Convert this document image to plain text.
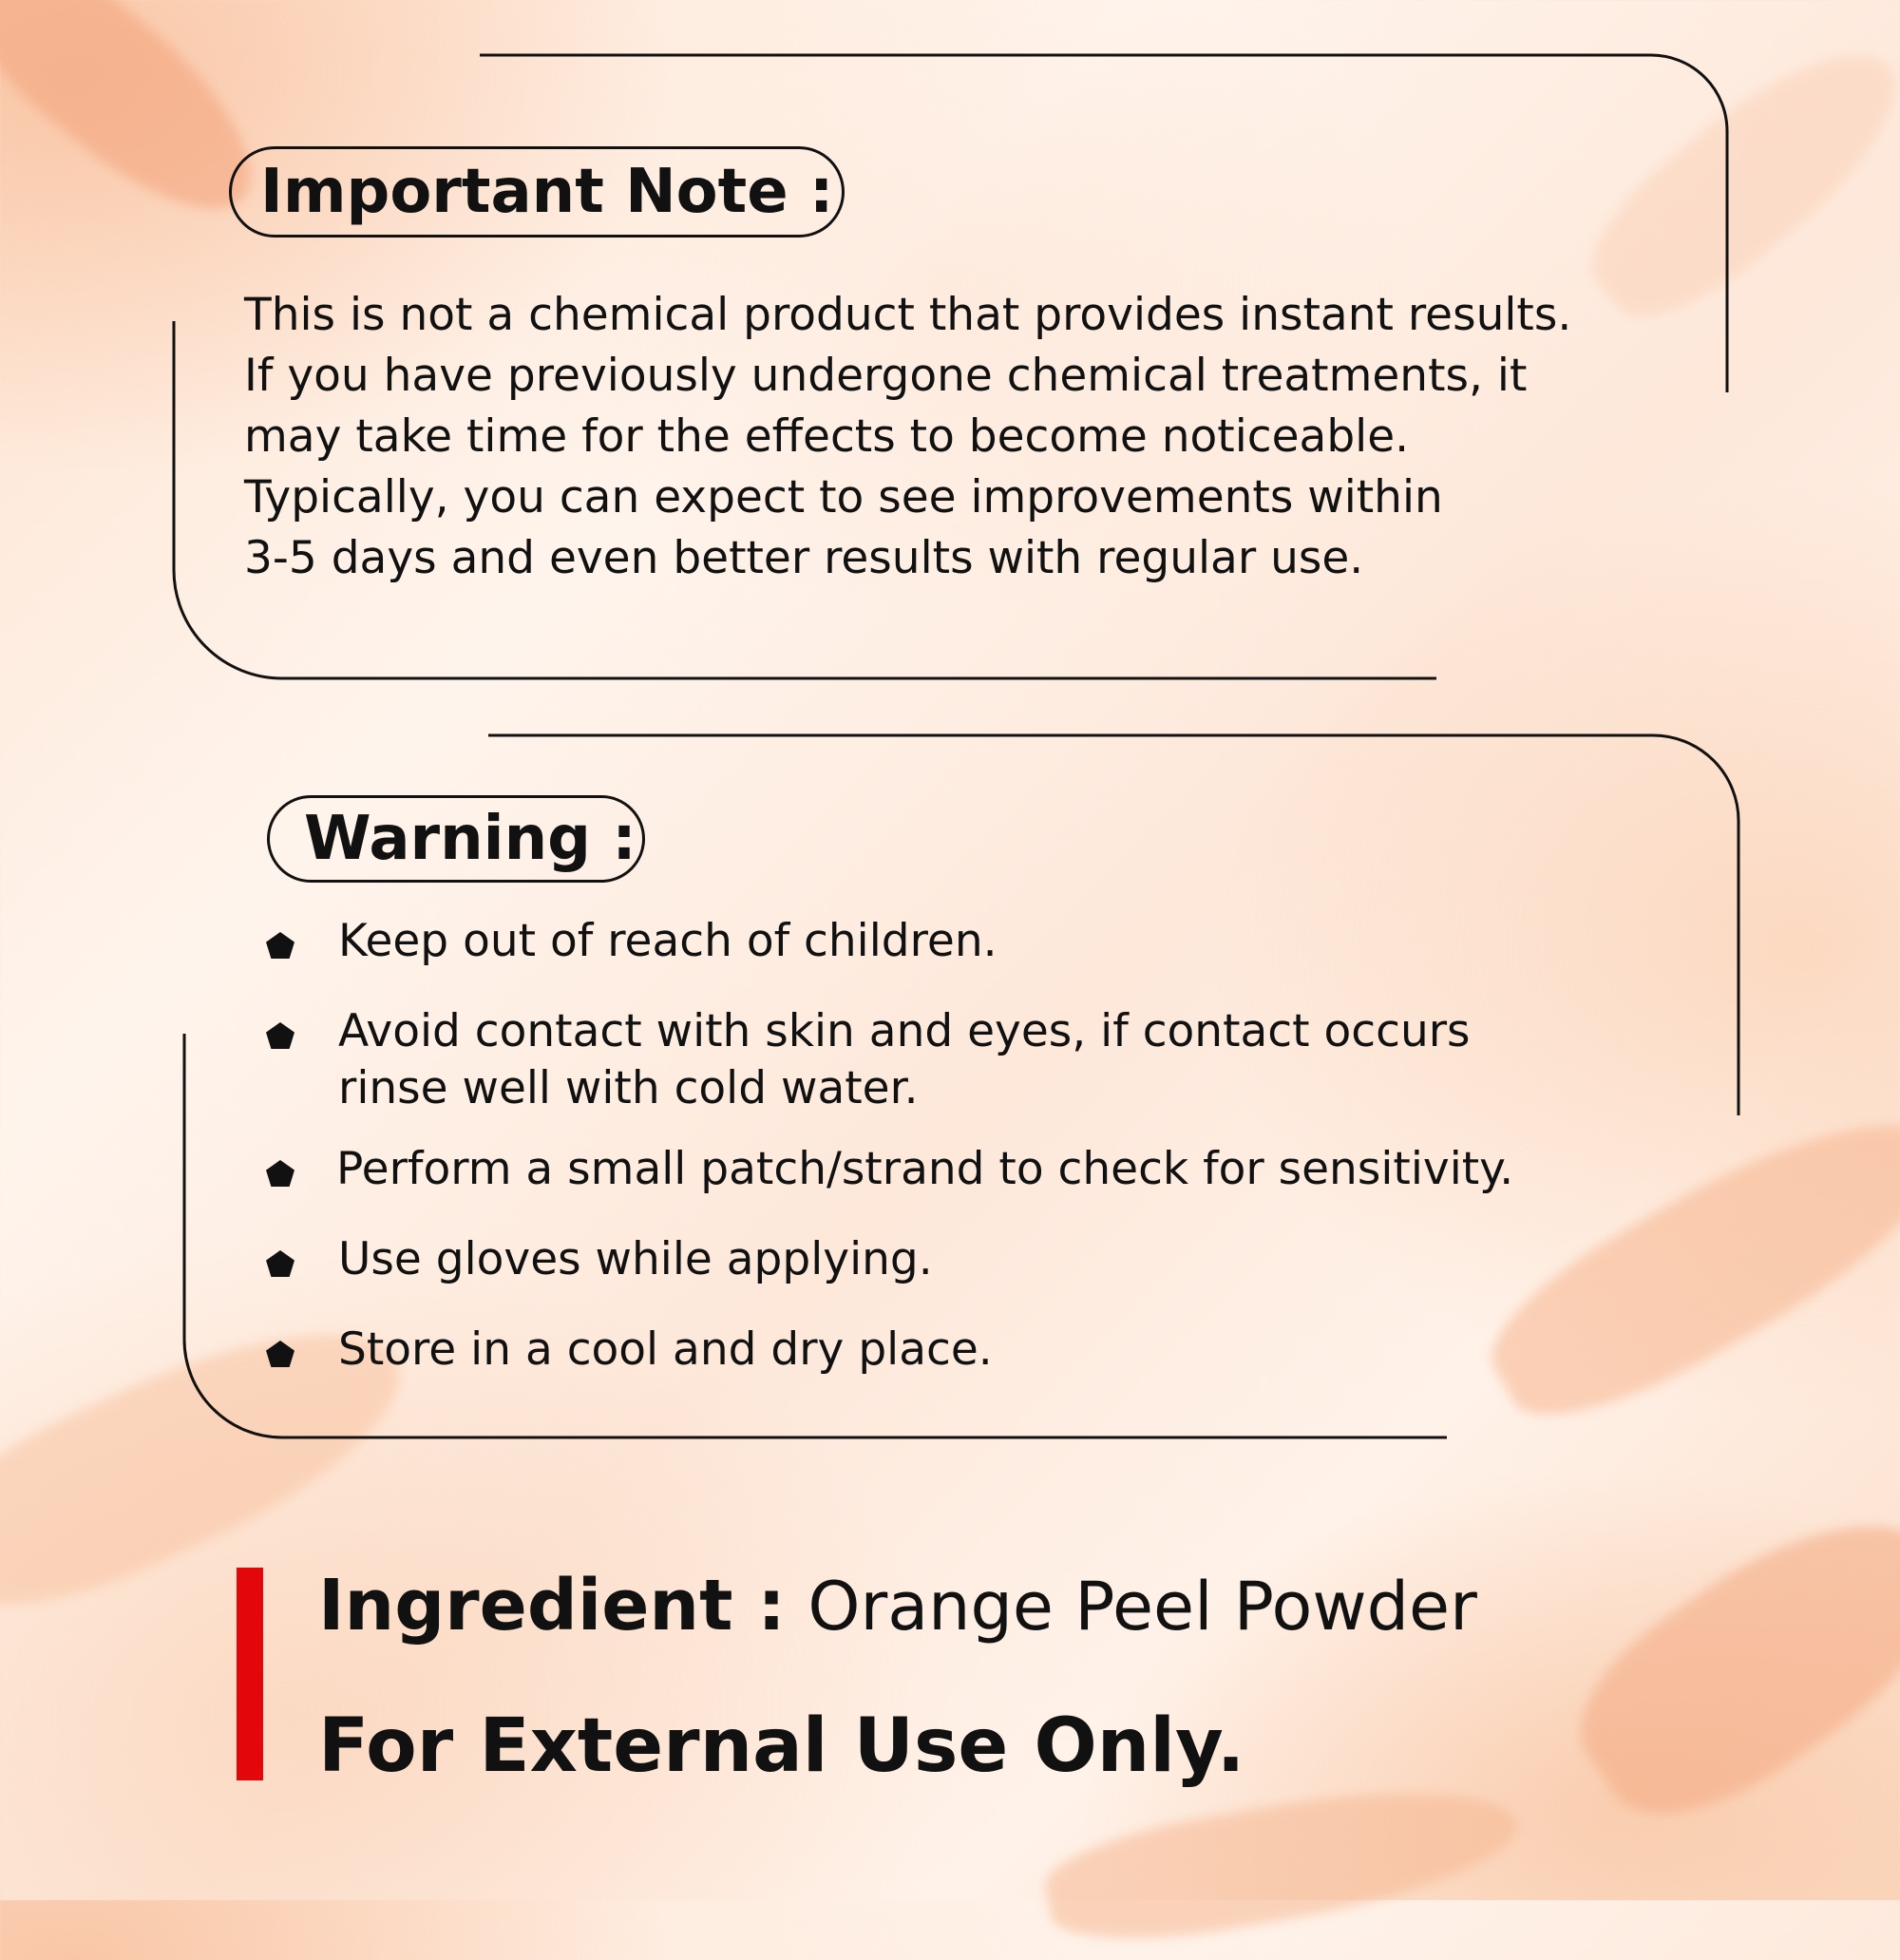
Important Note :
This is not a chemical product that provides instant results.
If you have previously undergone chemical treatments, it
may take time for the effects to become noticeable.
Typically, you can expect to see improvements within
3-5 days and even better results with regular use.
Warning :
Keep out of reach of children.
Avoid contact with skin and eyes, if contact occurs
rinse well with cold water.
Perform a small patch/strand to check for sensitivity.
Use gloves while applying.
Store in a cool and dry place.
Ingredient : Orange Peel Powder
For External Use Only.
